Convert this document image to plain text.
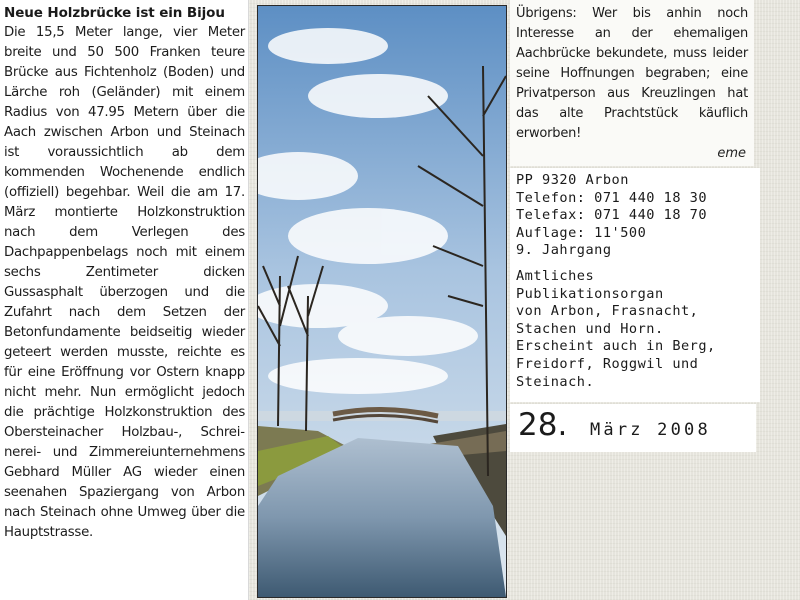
Neue Holzbrücke ist ein Bijou
Die 15,5 Meter lange, vier Meter breite und 50 500 Franken teure Brücke aus Fichtenholz (Boden) und Lärche roh (Geländer) mit einem Radius von 47.95 Metern über die Aach zwischen Arbon und Steinach ist voraussichtlich ab dem kommenden Wochenende endlich (offiziell) begehbar. Weil die am 17. März montierte Holzkonstruktion nach dem Verlegen des Dachpappenbelags noch mit einem sechs Zentimeter dicken Gussasphalt überzogen und die Zufahrt nach dem Setzen der Betonfundamente beidseitig wieder geteert werden musste, reichte es für eine Eröffnung vor Ostern knapp nicht mehr. Nun ermöglicht jedoch die prächtige Holzkonstruktion des Obersteinacher Holzbau-, Schreinerei- und Zimmereiunternеhmens Gebhard Müller AG wieder einen seenahen Spaziergang von Arbon nach Steinach ohne Umweg über die Hauptstrasse.
Übrigens: Wer bis anhin noch Interesse an der ehemaligen Aachbrücke bekundete, muss leider seine Hoffnungen begraben; eine Privatperson aus Kreuzlingen hat das alte Prachtstück käuflich erworben!
eme
PP 9320 Arbon
Telefon: 071 440 18 30
Telefax: 071 440 18 70
Auflage: 11'500
9. Jahrgang
Amtliches
Publikationsorgan
von Arbon, Frasnacht,
Stachen und Horn.
Erscheint auch in Berg,
Freidorf, Roggwil und
Steinach.
28. März 2008
